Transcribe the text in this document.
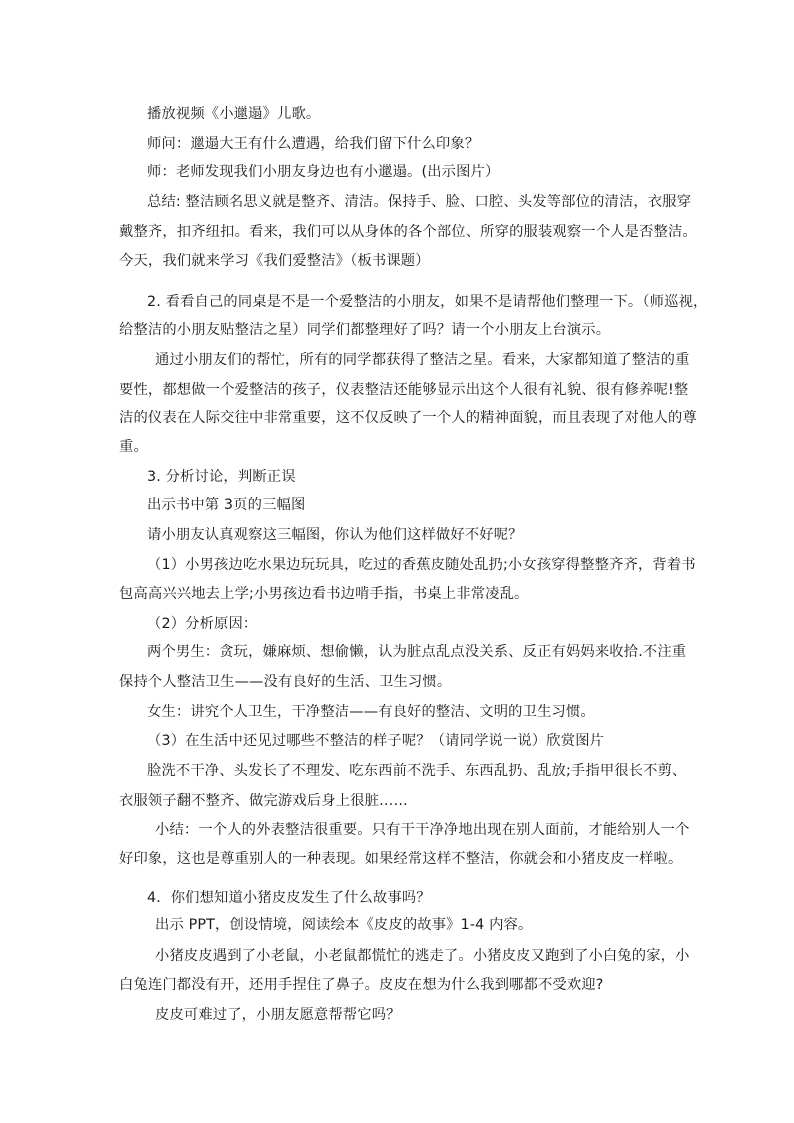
播放视频《小邋遢》儿歌。
师问：邋遢大王有什么遭遇，给我们留下什么印象？
师：老师发现我们小朋友身边也有小邋遢。(出示图片）
总结: 整洁顾名思义就是整齐、清洁。保持手、脸、口腔、头发等部位的清洁，衣服穿
戴整齐，扣齐纽扣。看来，我们可以从身体的各个部位、所穿的服装观察一个人是否整洁。
今天，我们就来学习《我们爱整洁》（板书课题）
2. 看看自己的同桌是不是一个爱整洁的小朋友，如果不是请帮他们整理一下。（师巡视，
给整洁的小朋友贴整洁之星）同学们都整理好了吗？请一个小朋友上台演示。
通过小朋友们的帮忙，所有的同学都获得了整洁之星。看来，大家都知道了整洁的重
要性，都想做一个爱整洁的孩子，仪表整洁还能够显示出这个人很有礼貌、很有修养呢!整
洁的仪表在人际交往中非常重要，这不仅反映了一个人的精神面貌，而且表现了对他人的尊
重。
3. 分析讨论，判断正误
出示书中第 3页的三幅图
请小朋友认真观察这三幅图，你认为他们这样做好不好呢？
（1）小男孩边吃水果边玩玩具，吃过的香蕉皮随处乱扔;小女孩穿得整整齐齐，背着书
包高高兴兴地去上学;小男孩边看书边啃手指，书桌上非常凌乱。
（2）分析原因：
两个男生：贪玩，嫌麻烦、想偷懒，认为脏点乱点没关系、反正有妈妈来收拾.不注重
保持个人整洁卫生——没有良好的生活、卫生习惯。
女生：讲究个人卫生，干净整洁——有良好的整洁、文明的卫生习惯。
（3）在生活中还见过哪些不整洁的样子呢？（请同学说一说）欣赏图片
脸洗不干净、头发长了不理发、吃东西前不洗手、东西乱扔、乱放;手指甲很长不剪、
衣服领子翻不整齐、做完游戏后身上很脏……
小结：一个人的外表整洁很重要。只有干干净净地出现在别人面前，才能给别人一个
好印象，这也是尊重别人的一种表现。如果经常这样不整洁，你就会和小猪皮皮一样啦。
4．你们想知道小猪皮皮发生了什么故事吗？
出示 PPT，创设情境，阅读绘本《皮皮的故事》1-4 内容。
小猪皮皮遇到了小老鼠，小老鼠都慌忙的逃走了。小猪皮皮又跑到了小白兔的家，小
白兔连门都没有开，还用手捏住了鼻子。皮皮在想为什么我到哪都不受欢迎?
皮皮可难过了，小朋友愿意帮帮它吗？
